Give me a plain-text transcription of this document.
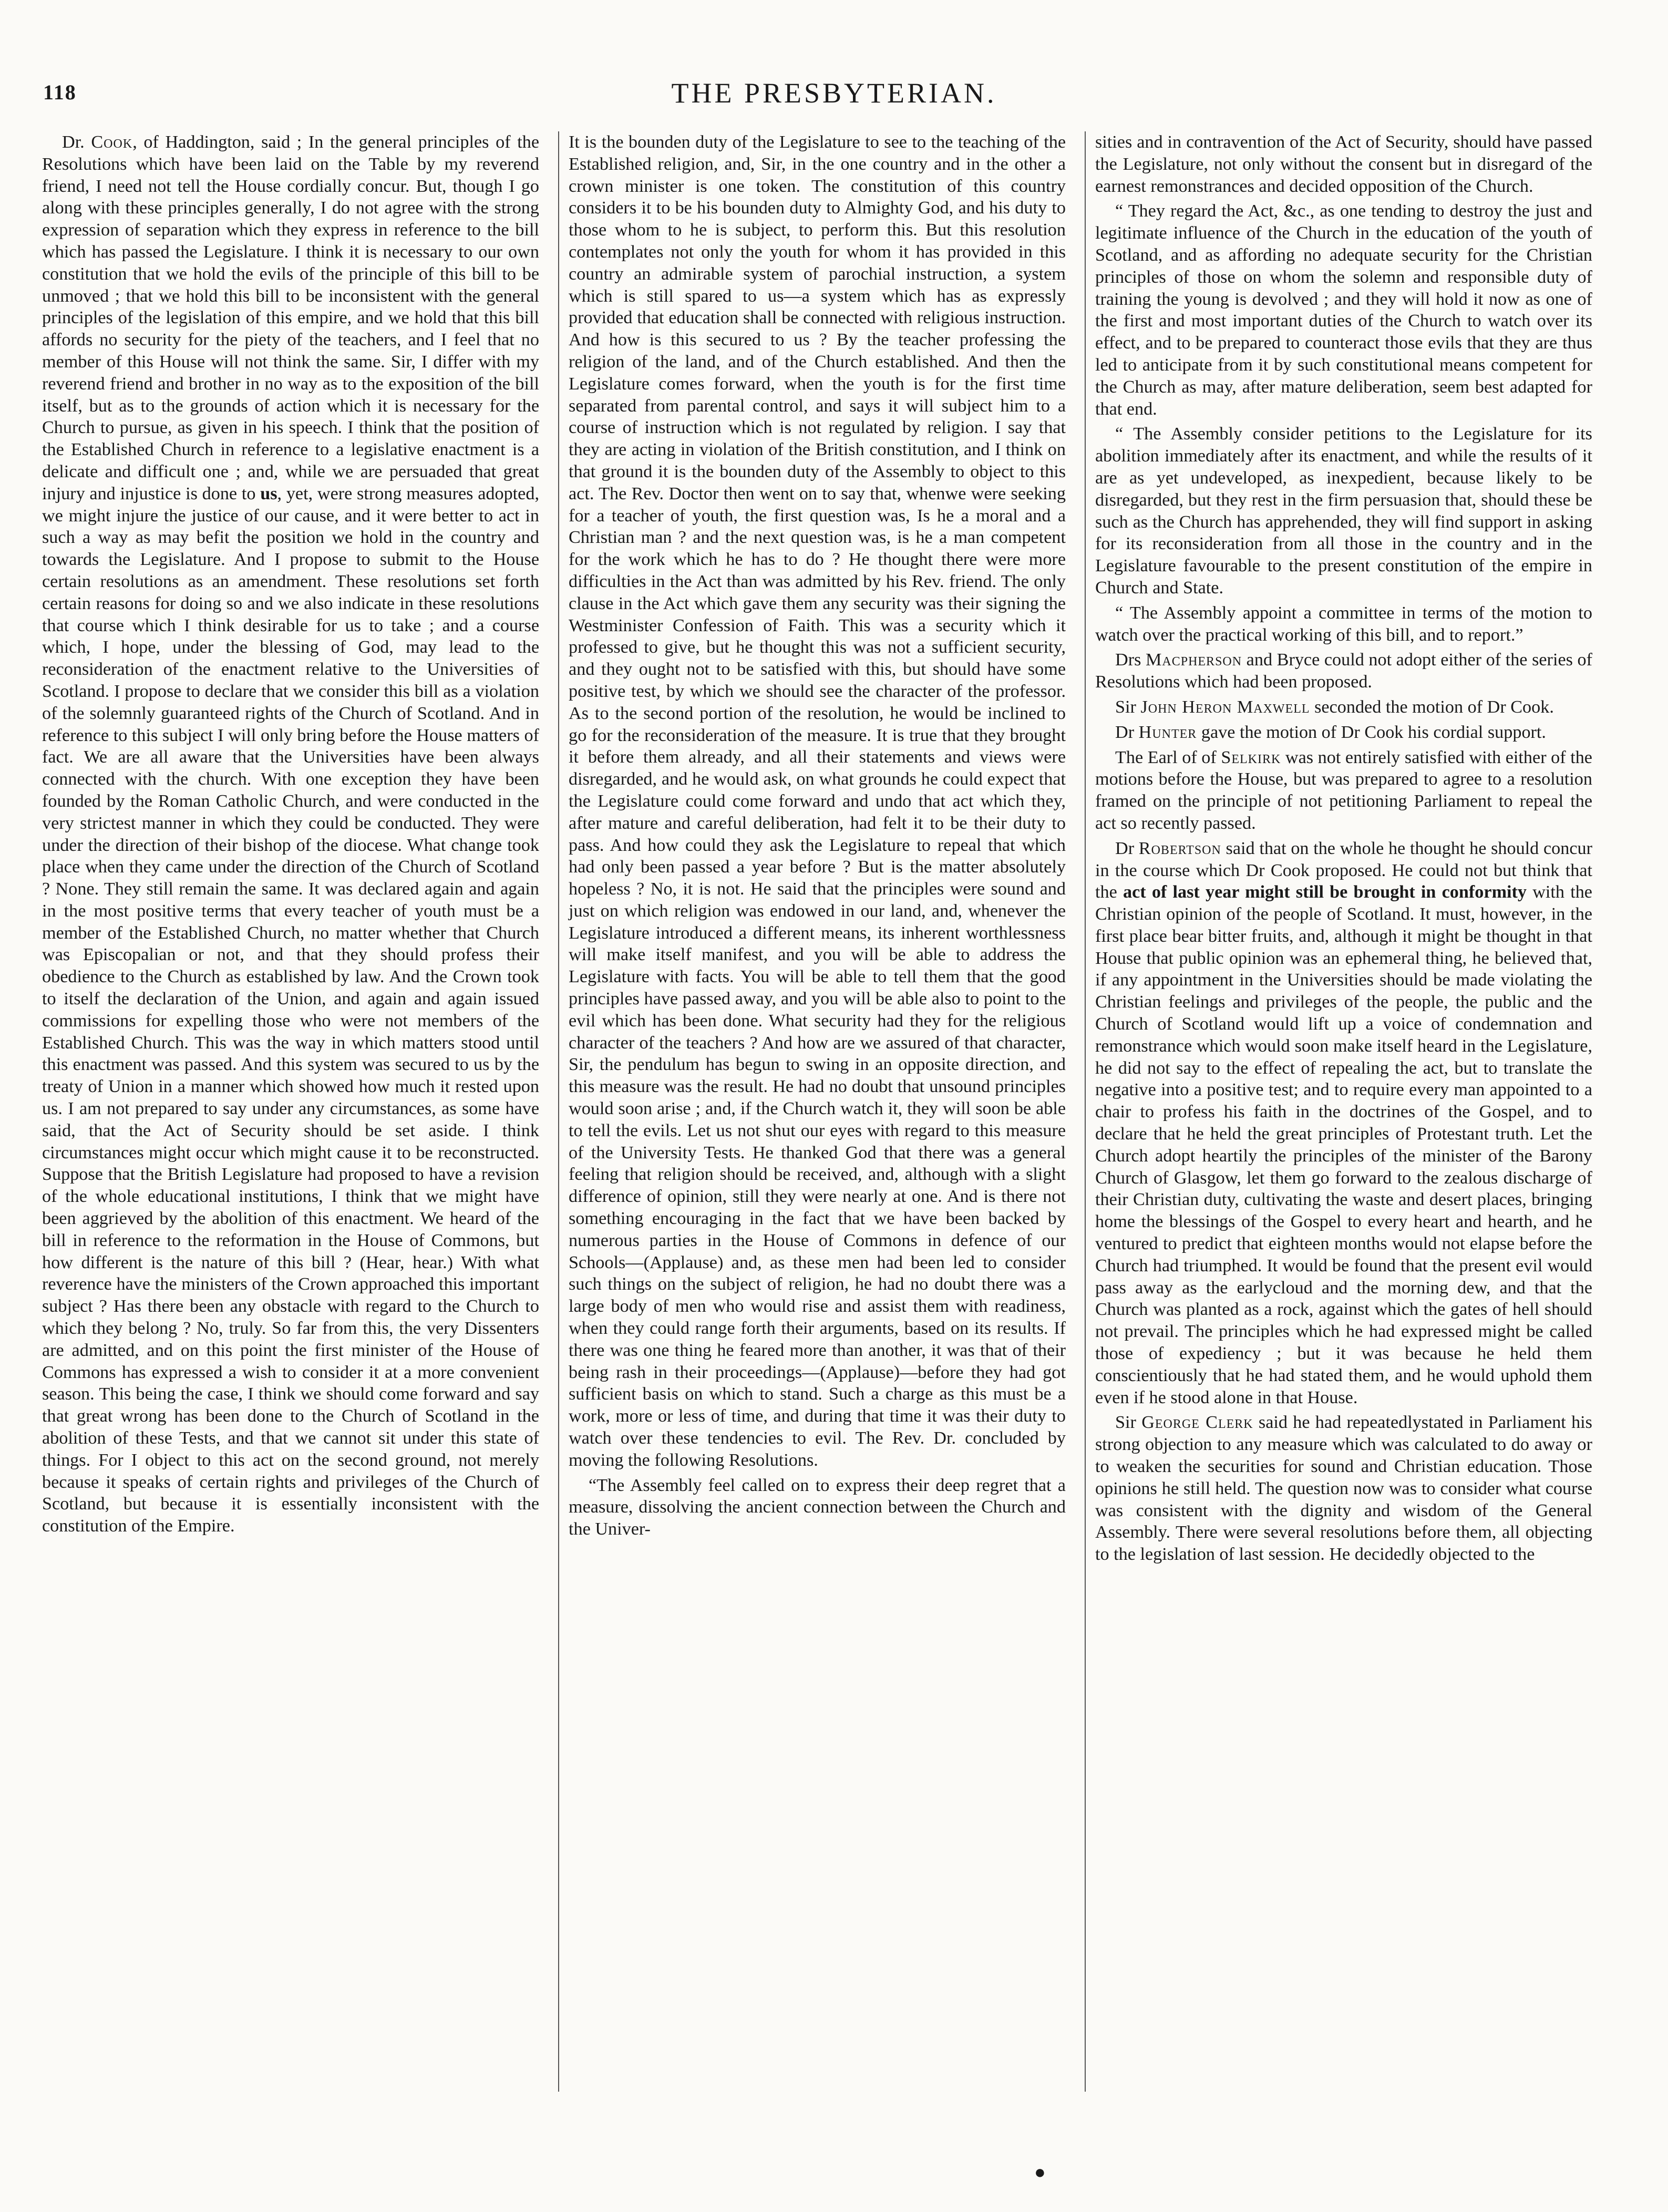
118	THE PRESBYTERIAN.

Dr. Cook, of Haddington, said ; In the general principles of the Resolutions which have been laid on the Table by my reverend friend, I need not tell the House cordially concur. But, though I go along with these principles generally, I do not agree with the strong expression of separation which they express in reference to the bill which has passed the Legislature. I think it is necessary to our own constitution that we hold the evils of the principle of this bill to be unmoved ; that we hold this bill to be inconsistent with the general principles of the legislation of this empire, and we hold that this bill affords no security for the piety of the teachers, and I feel that no member of this House will not think the same. Sir, I differ with my reverend friend and brother in no way as to the exposition of the bill itself, but as to the grounds of action which it is necessary for the Church to pursue, as given in his speech. I think that the position of the Established Church in reference to a legislative enactment is a delicate and difficult one ; and, while we are persuaded that great injury and injustice is done to us, yet, were strong measures adopted, we might injure the justice of our cause, and it were better to act in such a way as may befit the position we hold in the country and towards the Legislature. And I propose to submit to the House certain resolutions as an amendment. These resolutions set forth certain reasons for doing so and we also indicate in these resolutions that course which I think desirable for us to take ; and a course which, I hope, under the blessing of God, may lead to the reconsideration of the enactment relative to the Universities of Scotland. I propose to declare that we consider this bill as a violation of the solemnly guaranteed rights of the Church of Scotland. And in reference to this subject I will only bring before the House matters of fact. We are all aware that the Universities have been always connected with the church. With one exception they have been founded by the Roman Catholic Church, and were conducted in the very strictest manner in which they could be conducted. They were under the direction of their bishop of the diocese. What change took place when they came under the direction of the Church of Scotland ? None. They still remain the same. It was declared again and again in the most positive terms that every teacher of youth must be a member of the Established Church, no matter whether that Church was Episcopalian or not, and that they should profess their obedience to the Church as established by law. And the Crown took to itself the declaration of the Union, and again and again issued commissions for expelling those who were not members of the Established Church. This was the way in which matters stood until this enactment was passed. And this system was secured to us by the treaty of Union in a manner which showed how much it rested upon us. I am not prepared to say under any circumstances, as some have said, that the Act of Security should be set aside. I think circumstances might occur which might cause it to be reconstructed. Suppose that the British Legislature had proposed to have a revision of the whole educational institutions, I think that we might have been aggrieved by the abolition of this enactment. We heard of the bill in reference to the reformation in the House of Commons, but how different is the nature of this bill ? (Hear, hear.) With what reverence have the ministers of the Crown approached this important subject ? Has there been any obstacle with regard to the Church to which they belong ? No, truly. So far from this, the very Dissenters are admitted, and on this point the first minister of the House of Commons has expressed a wish to consider it at a more convenient season. This being the case, I think we should come forward and say that great wrong has been done to the Church of Scotland in the abolition of these Tests, and that we cannot sit under this state of things. For I object to this act on the second ground, not merely because it speaks of certain rights and privileges of the Church of Scotland, but because it is essentially inconsistent with the constitution of the Empire.

It is the bounden duty of the Legislature to see to the teaching of the Established religion, and, Sir, in the one country and in the other a crown minister is one token. The constitution of this country considers it to be his bounden duty to Almighty God, and his duty to those whom to he is subject, to perform this. But this resolution contemplates not only the youth for whom it has provided in this country an admirable system of parochial instruction, a system which is still spared to us—a system which has as expressly provided that education shall be connected with religious instruction. And how is this secured to us ? By the teacher professing the religion of the land, and of the Church established. And then the Legislature comes forward, when the youth is for the first time separated from parental control, and says it will subject him to a course of instruction which is not regulated by religion. I say that they are acting in violation of the British constitution, and I think on that ground it is the bounden duty of the Assembly to object to this act. The Rev. Doctor then went on to say that, whenwe were seeking for a teacher of youth, the first question was, Is he a moral and a Christian man ? and the next question was, is he a man competent for the work which he has to do ? He thought there were more difficulties in the Act than was admitted by his Rev. friend. The only clause in the Act which gave them any security was their signing the Westminister Confession of Faith. This was a security which it professed to give, but he thought this was not a sufficient security, and they ought not to be satisfied with this, but should have some positive test, by which we should see the character of the professor. As to the second portion of the resolution, he would be inclined to go for the reconsideration of the measure. It is true that they brought it before them already, and all their statements and views were disregarded, and he would ask, on what grounds he could expect that the Legislature could come forward and undo that act which they, after mature and careful deliberation, had felt it to be their duty to pass. And how could they ask the Legislature to repeal that which had only been passed a year before ? But is the matter absolutely hopeless ? No, it is not. He said that the principles were sound and just on which religion was endowed in our land, and, whenever the Legislature introduced a different means, its inherent worthlessness will make itself manifest, and you will be able to address the Legislature with facts. You will be able to tell them that the good principles have passed away, and you will be able also to point to the evil which has been done. What security had they for the religious character of the teachers ? And how are we assured of that character, Sir, the pendulum has begun to swing in an opposite direction, and this measure was the result. He had no doubt that unsound principles would soon arise ; and, if the Church watch it, they will soon be able to tell the evils. Let us not shut our eyes with regard to this measure of the University Tests. He thanked God that there was a general feeling that religion should be received, and, although with a slight difference of opinion, still they were nearly at one. And is there not something encouraging in the fact that we have been backed by numerous parties in the House of Commons in defence of our Schools—(Applause) and, as these men had been led to consider such things on the subject of religion, he had no doubt there was a large body of men who would rise and assist them with readiness, when they could range forth their arguments, based on its results. If there was one thing he feared more than another, it was that of their being rash in their proceedings—(Applause)—before they had got sufficient basis on which to stand. Such a charge as this must be a work, more or less of time, and during that time it was their duty to watch over these tendencies to evil. The Rev. Dr. concluded by moving the following Resolutions.

“The Assembly feel called on to express their deep regret that a measure, dissolving the ancient connection between the Church and the Univer-

sities and in contravention of the Act of Security, should have passed the Legislature, not only without the consent but in disregard of the earnest remonstrances and decided opposition of the Church.

“ They regard the Act, &c., as one tending to destroy the just and legitimate influence of the Church in the education of the youth of Scotland, and as affording no adequate security for the Christian principles of those on whom the solemn and responsible duty of training the young is devolved ; and they will hold it now as one of the first and most important duties of the Church to watch over its effect, and to be prepared to counteract those evils that they are thus led to anticipate from it by such constitutional means competent for the Church as may, after mature deliberation, seem best adapted for that end.

“ The Assembly consider petitions to the Legislature for its abolition immediately after its enactment, and while the results of it are as yet undeveloped, as inexpedient, because likely to be disregarded, but they rest in the firm persuasion that, should these be such as the Church has apprehended, they will find support in asking for its reconsideration from all those in the country and in the Legislature favourable to the present constitution of the empire in Church and State.

“ The Assembly appoint a committee in terms of the motion to watch over the practical working of this bill, and to report.”

Drs Macpherson and Bryce could not adopt either of the series of Resolutions which had been proposed.

Sir John Heron Maxwell seconded the motion of Dr Cook.

Dr Hunter gave the motion of Dr Cook his cordial support.

The Earl of of Selkirk was not entirely satisfied with either of the motions before the House, but was prepared to agree to a resolution framed on the principle of not petitioning Parliament to repeal the act so recently passed.

Dr Robertson said that on the whole he thought he should concur in the course which Dr Cook proposed. He could not but think that the act of last year might still be brought in conformity with the Christian opinion of the people of Scotland. It must, however, in the first place bear bitter fruits, and, although it might be thought in that House that public opinion was an ephemeral thing, he believed that, if any appointment in the Universities should be made violating the Christian feelings and privileges of the people, the public and the Church of Scotland would lift up a voice of condemnation and remonstrance which would soon make itself heard in the Legislature, he did not say to the effect of repealing the act, but to translate the negative into a positive test; and to require every man appointed to a chair to profess his faith in the doctrines of the Gospel, and to declare that he held the great principles of Protestant truth. Let the Church adopt heartily the principles of the minister of the Barony Church of Glasgow, let them go forward to the zealous discharge of their Christian duty, cultivating the waste and desert places, bringing home the blessings of the Gospel to every heart and hearth, and he ventured to predict that eighteen months would not elapse before the Church had triumphed. It would be found that the present evil would pass away as the earlycloud and the morning dew, and that the Church was planted as a rock, against which the gates of hell should not prevail. The principles which he had expressed might be called those of expediency ; but it was because he held them conscientiously that he had stated them, and he would uphold them even if he stood alone in that House.

Sir George Clerk said he had repeatedlystated in Parliament his strong objection to any measure which was calculated to do away or to weaken the securities for sound and Christian education. Those opinions he still held. The question now was to consider what course was consistent with the dignity and wisdom of the General Assembly. There were several resolutions before them, all objecting to the legislation of last session. He decidedly objected to the

●
